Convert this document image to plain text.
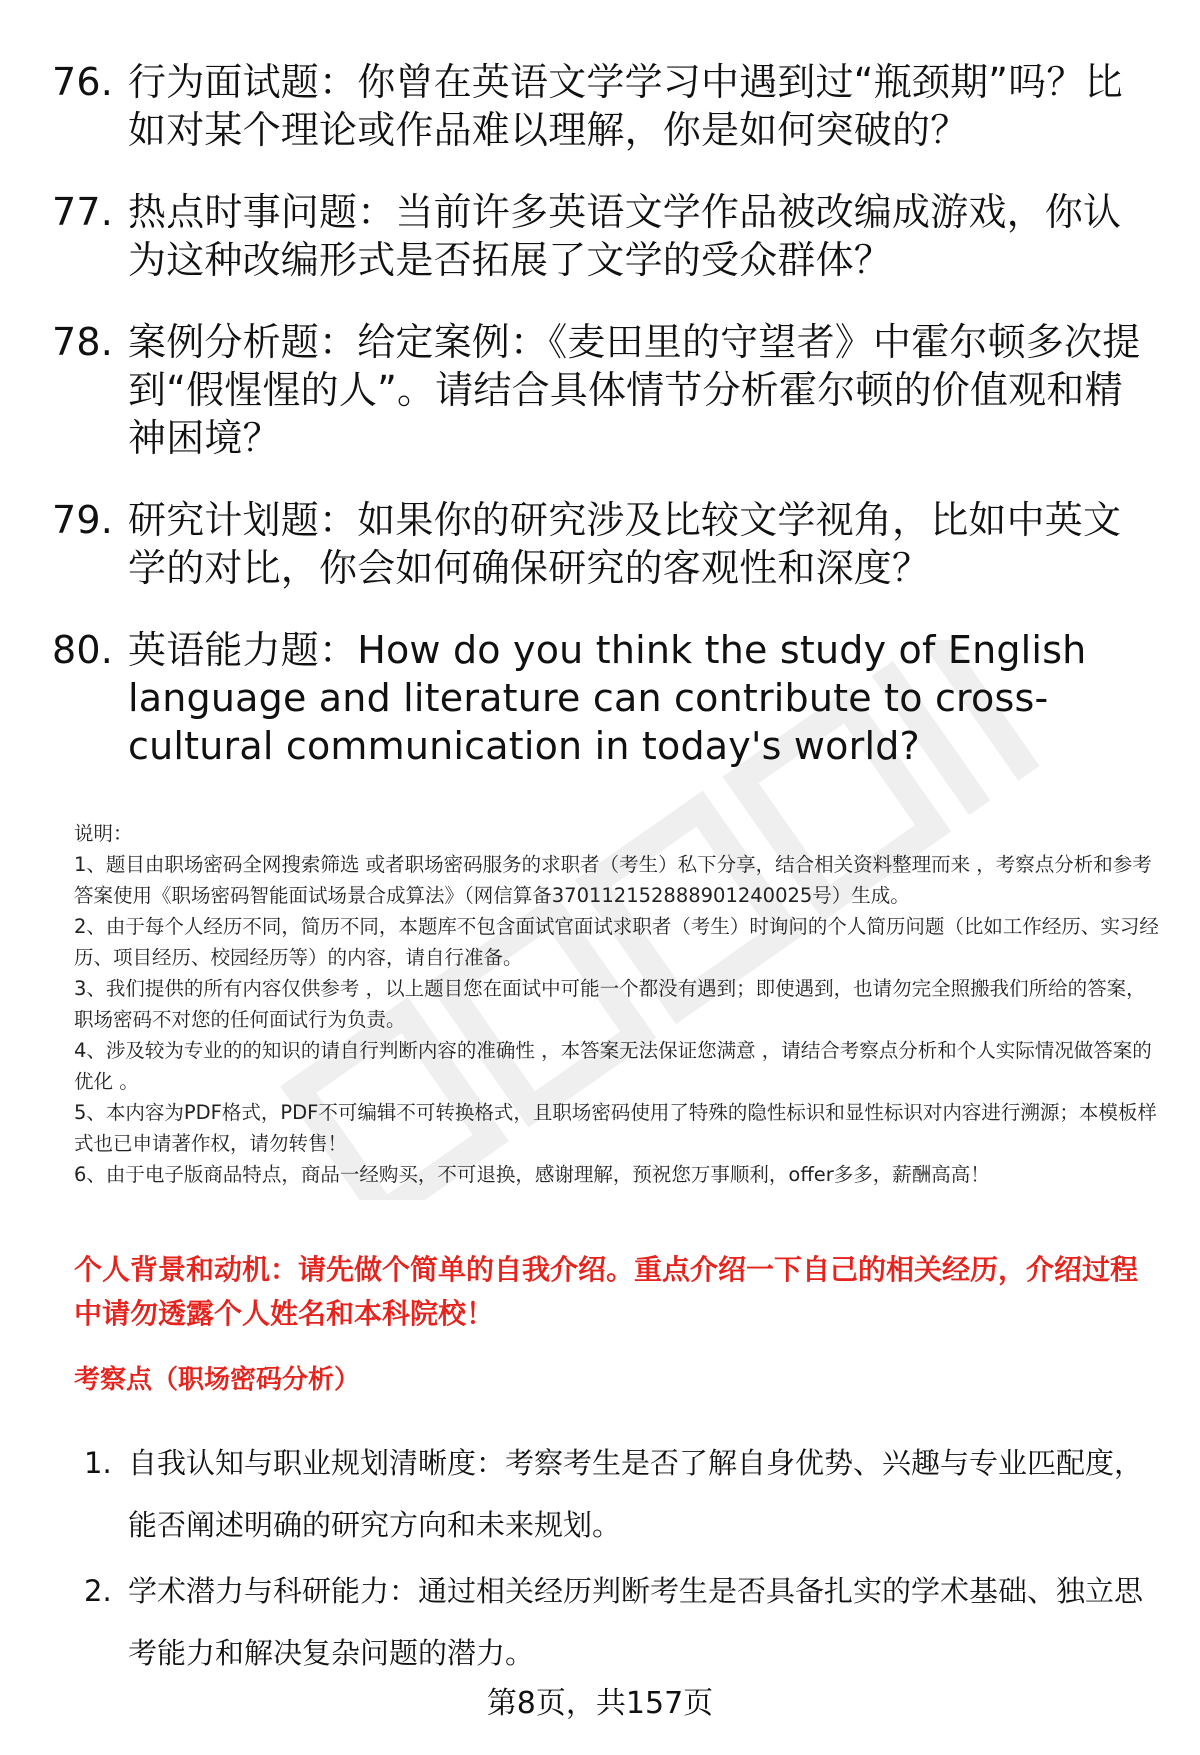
76. 行为面试题：你曾在英语文学学习中遇到过“瓶颈期”吗？比如对某个理论或作品难以理解，你是如何突破的？
77. 热点时事问题：当前许多英语文学作品被改编成游戏，你认为这种改编形式是否拓展了文学的受众群体？
78. 案例分析题：给定案例：《麦田里的守望者》中霍尔顿多次提到“假惺惺的人”。请结合具体情节分析霍尔顿的价值观和精神困境？
79. 研究计划题：如果你的研究涉及比较文学视角，比如中英文学的对比，你会如何确保研究的客观性和深度？
80. 英语能力题：How do you think the study of English language and literature can contribute to cross-cultural communication in today's world?
说明：
1、题目由职场密码全网搜索筛选 或者职场密码服务的求职者（考生）私下分享，结合相关资料整理而来 ，考察点分析和参考答案使用《职场密码智能面试场景合成算法》（网信算备370112152888901240025号）生成。
2、由于每个人经历不同，简历不同，本题库不包含面试官面试求职者（考生）时询问的个人简历问题（比如工作经历、实习经历、项目经历、校园经历等）的内容，请自行准备。
3、我们提供的所有内容仅供参考 ，以上题目您在面试中可能一个都没有遇到；即使遇到，也请勿完全照搬我们所给的答案，职场密码不对您的任何面试行为负责。
4、涉及较为专业的的知识的请自行判断内容的准确性 ，本答案无法保证您满意 ，请结合考察点分析和个人实际情况做答案的优化 。
5、本内容为PDF格式，PDF不可编辑不可转换格式，且职场密码使用了特殊的隐性标识和显性标识对内容进行溯源；本模板样式也已申请著作权，请勿转售！
6、由于电子版商品特点，商品一经购买，不可退换，感谢理解，预祝您万事顺利，offer多多，薪酬高高！
个人背景和动机：请先做个简单的自我介绍。重点介绍一下自己的相关经历，介绍过程中请勿透露个人姓名和本科院校！
考察点（职场密码分析）
1. 自我认知与职业规划清晰度：考察考生是否了解自身优势、兴趣与专业匹配度，能否阐述明确的研究方向和未来规划。
2. 学术潜力与科研能力：通过相关经历判断考生是否具备扎实的学术基础、独立思考能力和解决复杂问题的潜力。
第8页，共157页
